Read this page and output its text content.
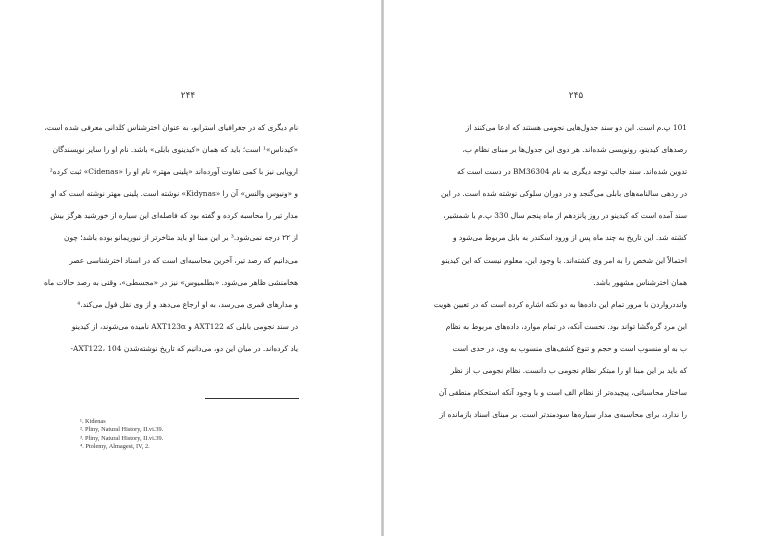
۲۴۴
نام دیگری که در جغرافیای استرابو، به عنوان اخترشناس کلدانی معرفی شده است،
«کیدناس»¹ است؛ باید که همان «کیدینوی بابلی» باشد. نام او را سایر نویسندگان
اروپایی نیز با کمی تفاوت آورده‌اند «پلینی مهتر» نام او را «Cidenas» ثبت کرده²
و «ونیوس والنس» آن را «Kidynas» نوشته است. پلینی مهتر نوشته است که او
مدار تیر را محاسبه کرده و گفته بود که فاصله‌ای این سیاره از خورشید هرگز بیش
از ۲۲ درجه نمی‌شود.³ بر این مبنا او باید متاخرتر از نبوریمانو بوده باشد؛ چون
می‌دانیم که رصد تیر، آخرین محاسبه‌ای است که در اسناد اخترشناسی عصر
هخامنشی ظاهر می‌شود. «بطلمیوس» نیز در «مجسطی»، وقتی به رصد حالات ماه
و مدارهای قمری می‌رسد، به او ارجاع می‌دهد و از وی نقل قول می‌کند.⁴
در سند نجومی بابلی که AXT122 و AXT123α نامیده می‌شوند، از کیدینو
یاد کرده‌اند. در میان این دو، می‌دانیم که تاریخ نوشته‌شدن AXT122، 104-
¹. Kidenas
². Pliny, Natural History, II.vi.39.
³. Pliny, Natural History, II.vi.39.
⁴. Ptolemy, Almagest, IV, 2.
۲۴۵
101 پ.م است. این دو سند جدول‌هایی نجومی هستند که ادعا می‌کنند از
رصدهای کیدینو، رونویسی شده‌اند. هر دوی این جدول‌ها بر مبنای نظام ب،
تدوین شده‌اند. سند جالب توجه دیگری به نام BM36304 در دست است که
در ردهی سالنامه‌های بابلی می‌گنجد و در دوران سلوکی نوشته شده است. در این
سند آمده است که کیدینو در روز پانزدهم از ماه پنجم سال 330 پ.م با شمشیر،
کشته شد. این تاریخ به چند ماه پس از ورود اسکندر به بابل مربوط می‌شود و
احتمالاً این شخص را به امر وی کشته‌اند. با وجود این، معلوم نیست که این کیدینو
همان اخترشناس مشهور باشد.
وانددرواردن با مرور تمام این داده‌ها به دو نکته اشاره کرده است که در تعیین هویت
این مرد گره‌گشا تواند بود. نخست آنکه، در تمام موارد، داده‌های مربوط به نظام
ب به او منسوب است و حجم و تنوع کشف‌های منسوب به وی، در حدی است
که باید بر این مبنا او را مبتکر نظام نجومی ب دانست. نظام نجومی ب از نظر
ساختار محاسباتی، پیچیده‌تر از نظام الف است و با وجود آنکه استحکام منطقی آن
را ندارد، برای محاسبه‌ی مدار سیاره‌ها سودمندتر است. بر مبنای اسناد بازمانده از
